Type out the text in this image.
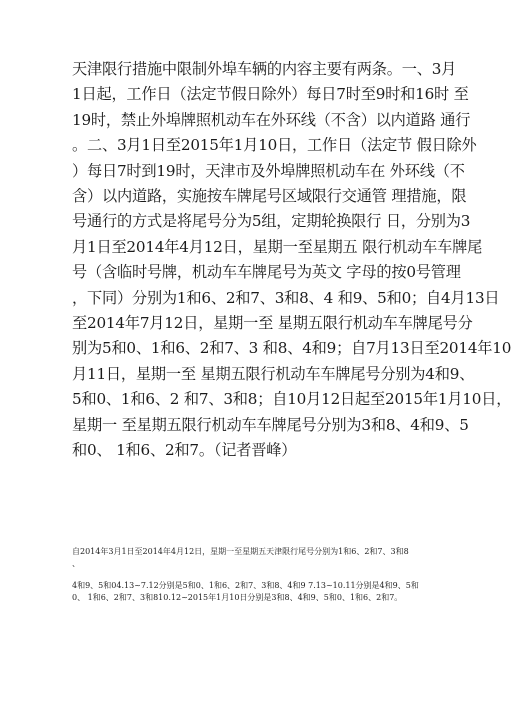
天津限行措施中限制外埠车辆的内容主要有两条。一、3月
1日起，工作日（法定节假日除外）每日7时至9时和16时 至
19时，禁止外埠牌照机动车在外环线（不含）以内道路 通行
。二、3月1日至2015年1月10日，工作日（法定节 假日除外
）每日7时到19时，天津市及外埠牌照机动车在 外环线（不
含）以内道路，实施按车牌尾号区域限行交通管 理措施，限
号通行的方式是将尾号分为5组，定期轮换限行 日，分别为3
月1日至2014年4月12日，星期一至星期五 限行机动车车牌尾
号（含临时号牌，机动车车牌尾号为英文 字母的按0号管理
，下同）分别为1和6、2和7、3和8、4 和9、5和0；自4月13日
至2014年7月12日，星期一至 星期五限行机动车车牌尾号分
别为5和0、1和6、2和7、3 和8、4和9；自7月13日至2014年10
月11日，星期一至 星期五限行机动车车牌尾号分别为4和9、
5和0、1和6、2 和7、3和8；自10月12日起至2015年1月10日，
星期一 至星期五限行机动车车牌尾号分别为3和8、4和9、5
和0、 1和6、2和7。（记者晋峰）
自2014年3月1日至2014年4月12日，星期一至星期五天津限行尾号分别为1和6、2和7、3和8
、
4和9、5和04.13~7.12分别是5和0、1和6、2和7、3和8、4和9 7.13~10.11分别是4和9、5和
0、 1和6、2和7、3和810.12~2015年1月10日分别是3和8、4和9、5和0、1和6、2和7。
